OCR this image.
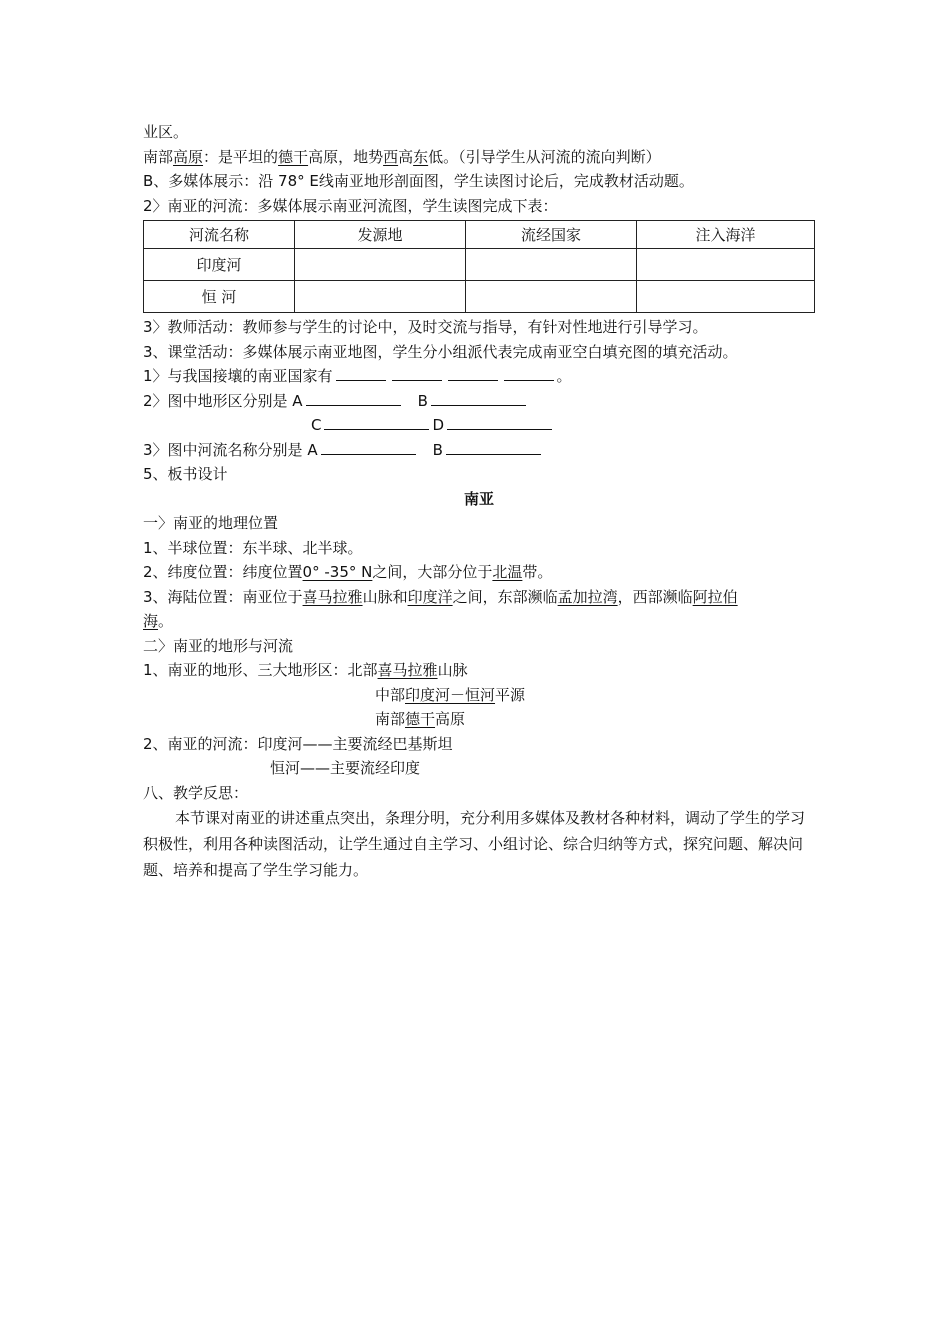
业区。
南部高原：是平坦的德干高原，地势西高东低。（引导学生从河流的流向判断）
B、多媒体展示：沿 78° E线南亚地形剖面图，学生读图讨论后，完成教材活动题。
2〉南亚的河流：多媒体展示南亚河流图，学生读图完成下表：
河流名称	发源地	流经国家	注入海洋
印度河			
恒 河			
3〉教师活动：教师参与学生的讨论中，及时交流与指导，有针对性地进行引导学习。
3、课堂活动：多媒体展示南亚地图，学生分小组派代表完成南亚空白填充图的填充活动。
1〉与我国接壤的南亚国家有	。
2〉图中地形区分别是 A	B
C	D
3〉图中河流名称分别是 A	B
5、板书设计
南亚
一〉南亚的地理位置
1、半球位置：东半球、北半球。
2、纬度位置：纬度位置0° -35° N之间，大部分位于北温带。
3、海陆位置：南亚位于喜马拉雅山脉和印度洋之间，东部濒临孟加拉湾，西部濒临阿拉伯
海。
二〉南亚的地形与河流
1、南亚的地形、三大地形区：北部喜马拉雅山脉
中部印度河－恒河平源
南部德干高原
2、南亚的河流：印度河——主要流经巴基斯坦
恒河——主要流经印度
八、教学反思：
本节课对南亚的讲述重点突出，条理分明，充分利用多媒体及教材各种材料，调动了学生的学习积极性，利用各种读图活动，让学生通过自主学习、小组讨论、综合归纳等方式，探究问题、解决问题、培养和提高了学生学习能力。
